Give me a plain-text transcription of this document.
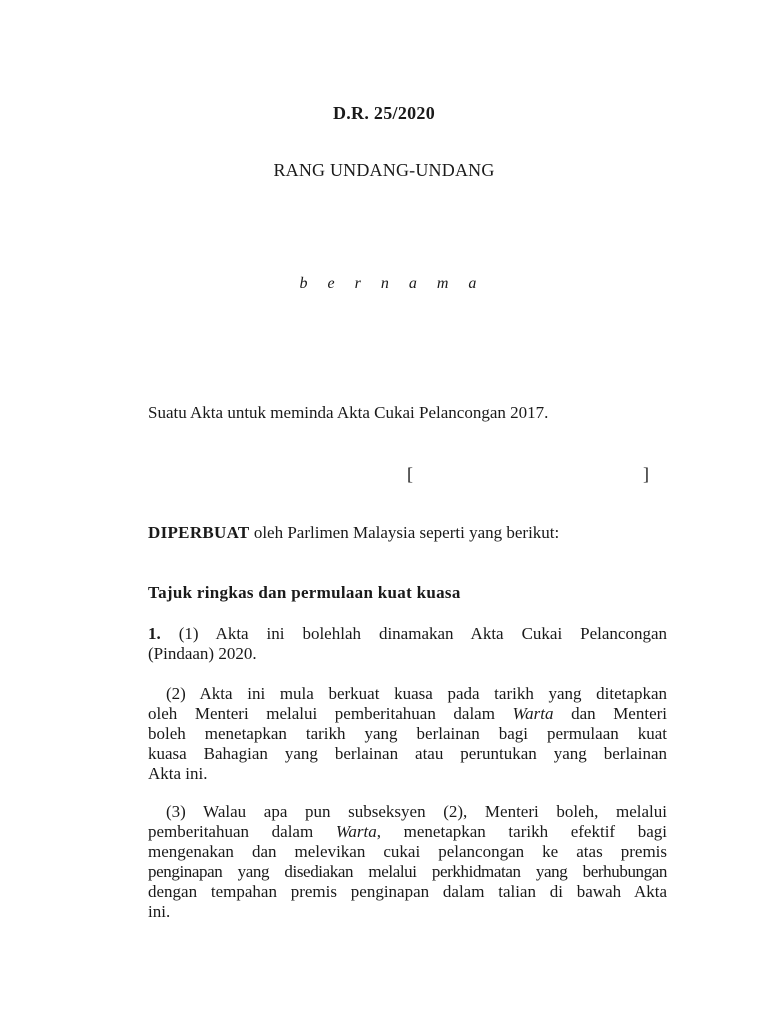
D.R. 25/2020
RANG UNDANG-UNDANG
b e r n a m a
Suatu Akta untuk meminda Akta Cukai Pelancongan 2017.
[	]
DIPERBUAT oleh Parlimen Malaysia seperti yang berikut:
Tajuk ringkas dan permulaan kuat kuasa
1. (1) Akta ini bolehlah dinamakan Akta Cukai Pelancongan
(Pindaan) 2020.
(2) Akta ini mula berkuat kuasa pada tarikh yang ditetapkan
oleh Menteri melalui pemberitahuan dalam Warta dan Menteri
boleh menetapkan tarikh yang berlainan bagi permulaan kuat
kuasa Bahagian yang berlainan atau peruntukan yang berlainan
Akta ini.
(3) Walau apa pun subseksyen (2), Menteri boleh, melalui
pemberitahuan dalam Warta, menetapkan tarikh efektif bagi
mengenakan dan melevikan cukai pelancongan ke atas premis
penginapan yang disediakan melalui perkhidmatan yang berhubungan
dengan tempahan premis penginapan dalam talian di bawah Akta
ini.
